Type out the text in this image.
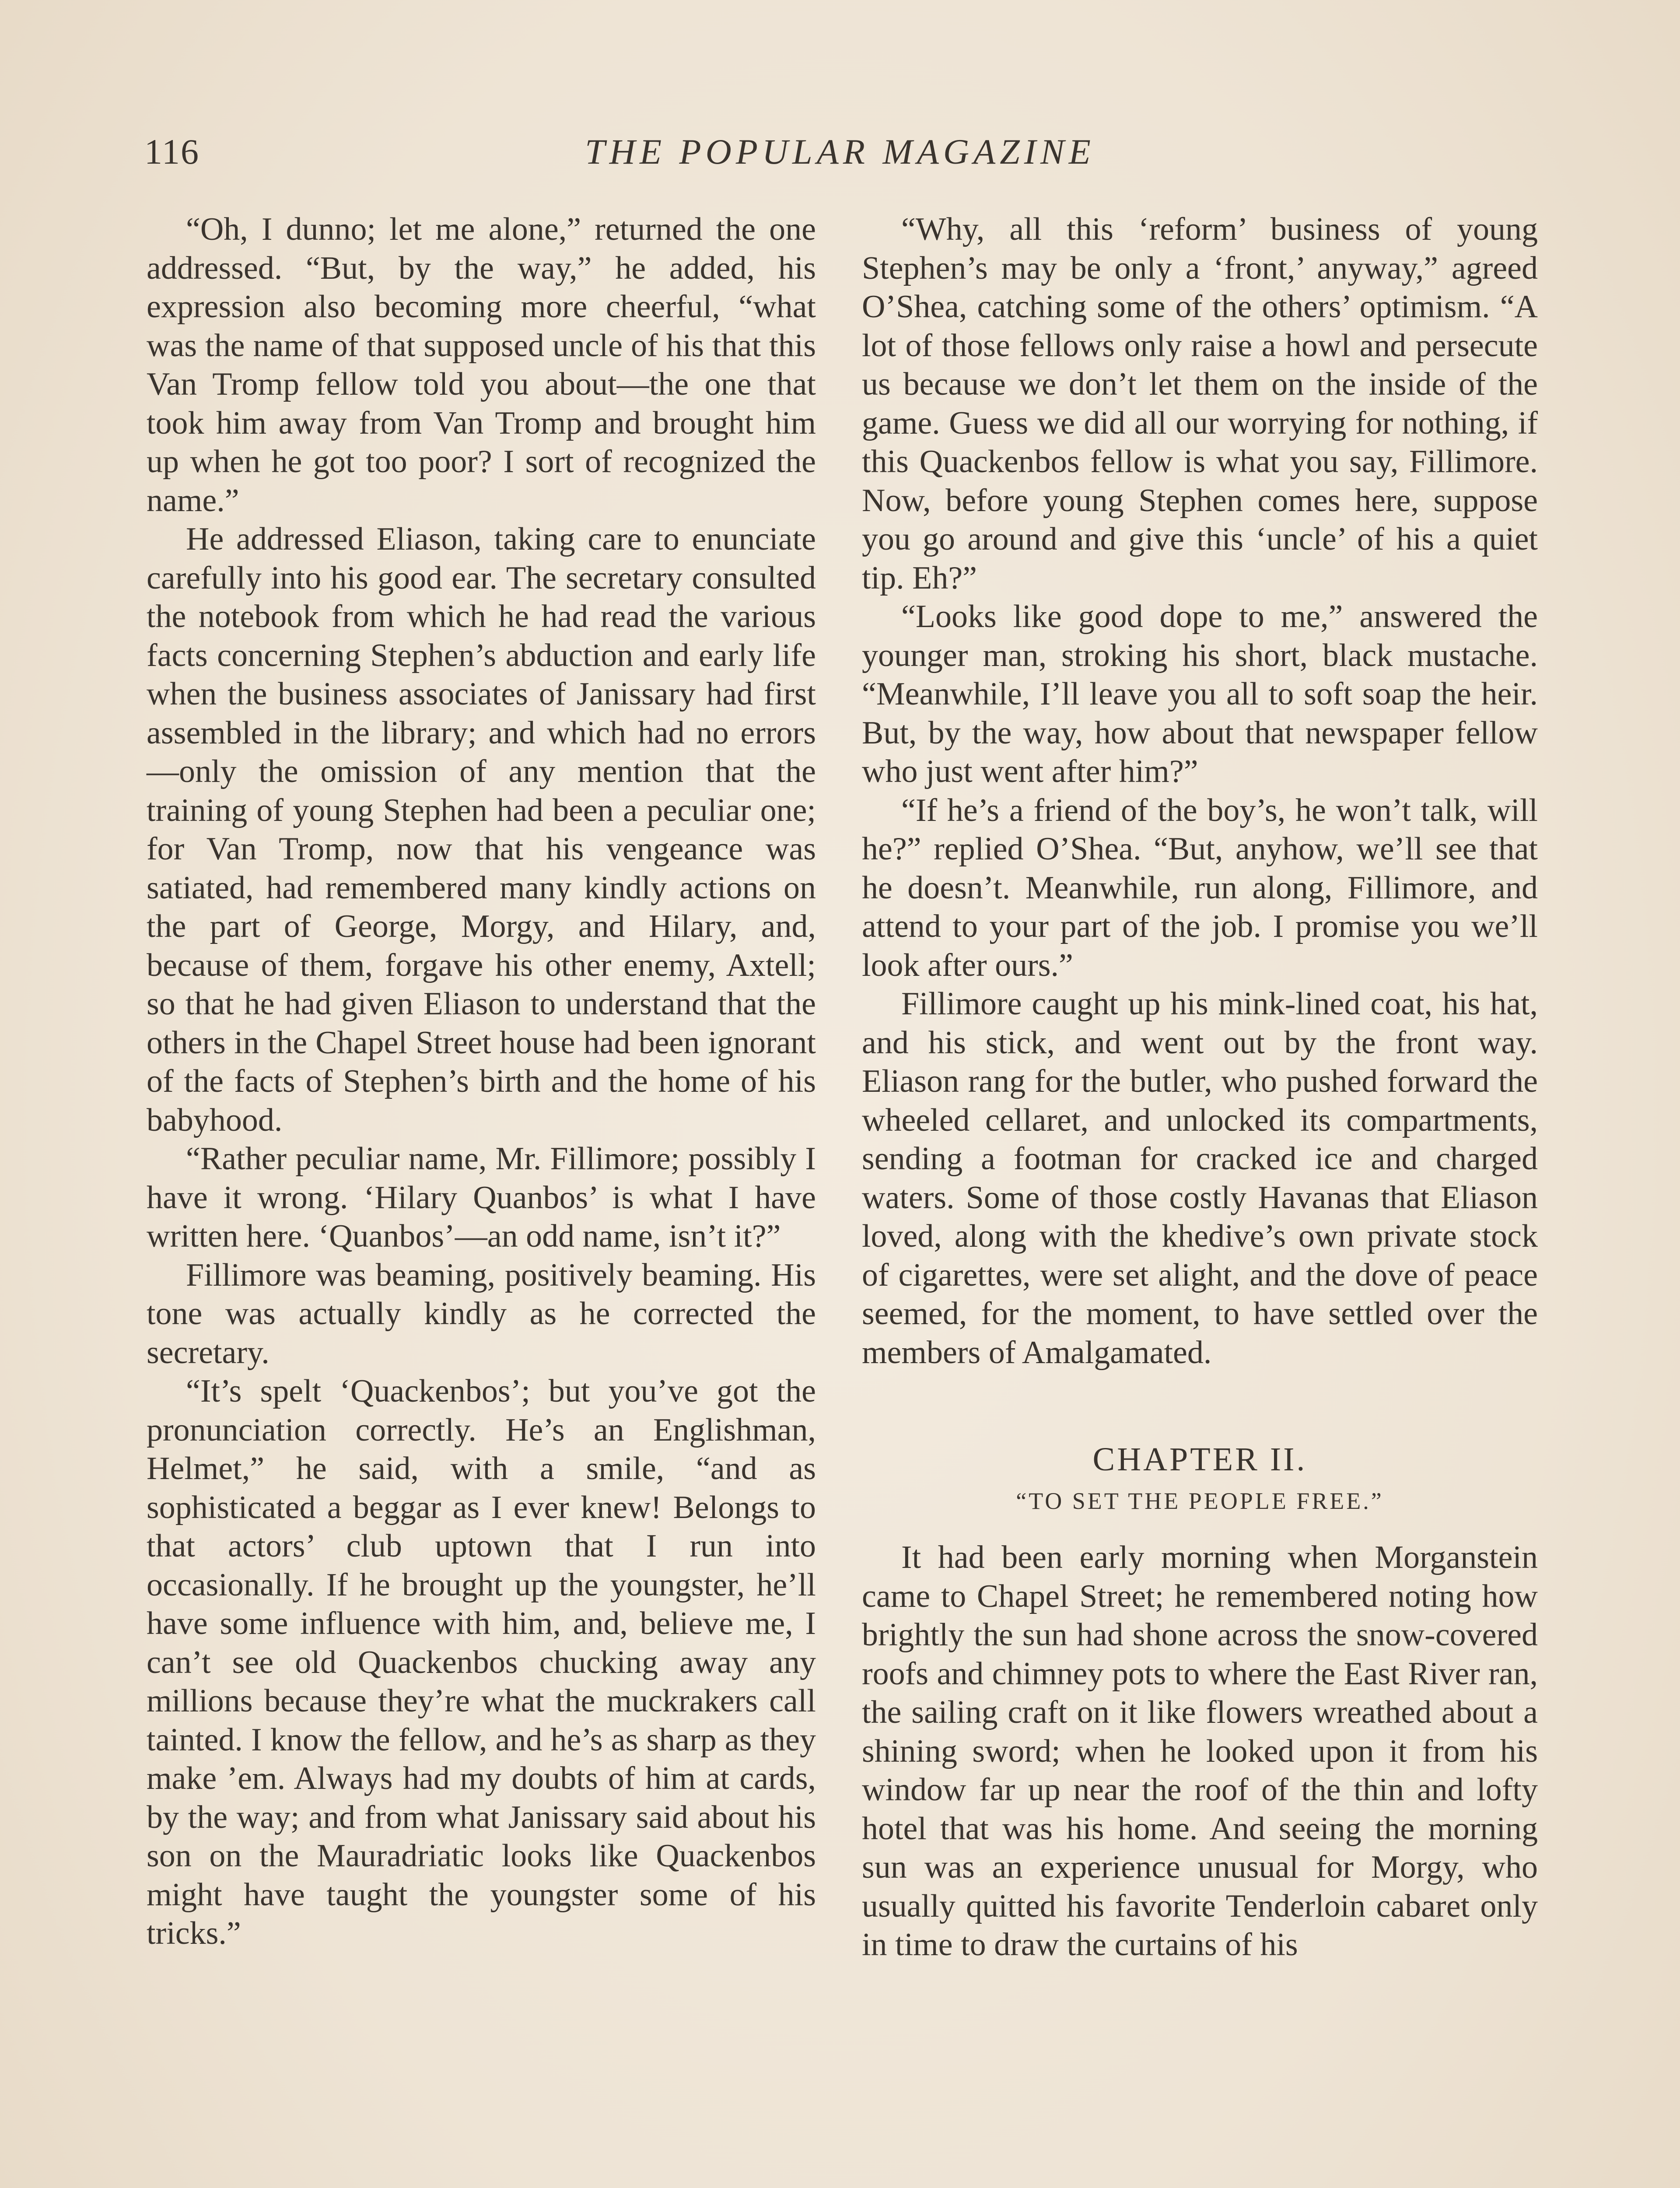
116	THE POPULAR MAGAZINE

“Oh, I dunno; let me alone,” returned the one addressed. “But, by the way,” he added, his expression also becoming more cheerful, “what was the name of that supposed uncle of his that this Van Tromp fellow told you about—the one that took him away from Van Tromp and brought him up when he got too poor? I sort of recognized the name.”

He addressed Eliason, taking care to enunciate carefully into his good ear. The secretary consulted the notebook from which he had read the various facts concerning Stephen’s abduction and early life when the business associates of Janissary had first assembled in the library; and which had no errors —only the omission of any mention that the training of young Stephen had been a peculiar one; for Van Tromp, now that his vengeance was satiated, had remembered many kindly actions on the part of George, Morgy, and Hilary, and, because of them, forgave his other enemy, Axtell; so that he had given Eliason to understand that the others in the Chapel Street house had been ignorant of the facts of Stephen’s birth and the home of his babyhood.

“Rather peculiar name, Mr. Fillimore; possibly I have it wrong. ‘Hilary Quanbos’ is what I have written here. ‘Quanbos’—an odd name, isn’t it?”

Fillimore was beaming, positively beaming. His tone was actually kindly as he corrected the secretary.

“It’s spelt ‘Quackenbos’; but you’ve got the pronunciation correctly. He’s an Englishman, Helmet,” he said, with a smile, “and as sophisticated a beggar as I ever knew! Belongs to that actors’ club uptown that I run into occasionally. If he brought up the youngster, he’ll have some influence with him, and, believe me, I can’t see old Quackenbos chucking away any millions because they’re what the muckrakers call tainted. I know the fellow, and he’s as sharp as they make ’em. Always had my doubts of him at cards, by the way; and from what Janissary said about his son on the Mauradriatic looks like Quackenbos might have taught the youngster some of his tricks.”

“Why, all this ‘reform’ business of young Stephen’s may be only a ‘front,’ anyway,” agreed O’Shea, catching some of the others’ optimism. “A lot of those fellows only raise a howl and persecute us because we don’t let them on the inside of the game. Guess we did all our worrying for nothing, if this Quackenbos fellow is what you say, Fillimore. Now, before young Stephen comes here, suppose you go around and give this ‘uncle’ of his a quiet tip. Eh?”

“Looks like good dope to me,” answered the younger man, stroking his short, black mustache. “Meanwhile, I’ll leave you all to soft soap the heir. But, by the way, how about that newspaper fellow who just went after him?”

“If he’s a friend of the boy’s, he won’t talk, will he?” replied O’Shea. “But, anyhow, we’ll see that he doesn’t. Meanwhile, run along, Fillimore, and attend to your part of the job. I promise you we’ll look after ours.”

Fillimore caught up his mink-lined coat, his hat, and his stick, and went out by the front way. Eliason rang for the butler, who pushed forward the wheeled cellaret, and unlocked its compartments, sending a footman for cracked ice and charged waters. Some of those costly Havanas that Eliason loved, along with the khedive’s own private stock of cigarettes, were set alight, and the dove of peace seemed, for the moment, to have settled over the members of Amalgamated.

CHAPTER II.
“TO SET THE PEOPLE FREE.”

It had been early morning when Morganstein came to Chapel Street; he remembered noting how brightly the sun had shone across the snow-covered roofs and chimney pots to where the East River ran, the sailing craft on it like flowers wreathed about a shining sword; when he looked upon it from his window far up near the roof of the thin and lofty hotel that was his home. And seeing the morning sun was an experience unusual for Morgy, who usually quitted his favorite Tenderloin cabaret only in time to draw the curtains of his
